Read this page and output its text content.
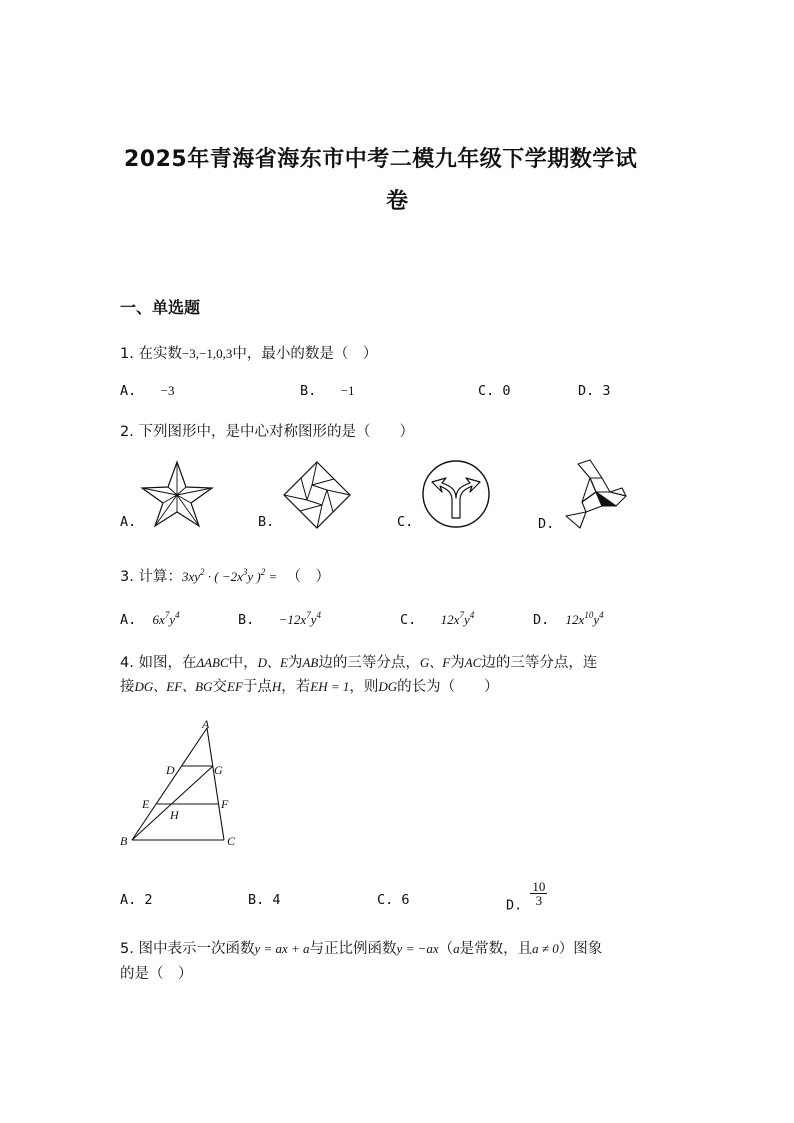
2025年青海省海东市中考二模九年级下学期数学试
卷
一、单选题
1. 在实数−3,−1,0,3中，最小的数是（　）
A. −3	B. −1	C. 0	D. 3
2. 下列图形中，是中心对称图形的是（　　）
A.	B.	C.	D.
3. 计算：$3xy^2$ · ( $-2x^3y$ )$^2$ = （　）
A. $6x^7y^4$	B. $-12x^7y^4$	C. $12x^7y^4$	D. $12x^{10}y^4$
4. 如图，在ΔABC中，D、E为AB边的三等分点，G、F为AC边的三等分点，连
接DG、EF、BG交EF于点H，若EH = 1，则DG的长为（　　）
A
D	G
E	F
H
B	C
A. 2	B. 4	C. 6	D. $\frac{10}{3}$
5. 图中表示一次函数y = ax + a与正比例函数y = −ax（a是常数，且a ≠ 0）图象
的是（　）
